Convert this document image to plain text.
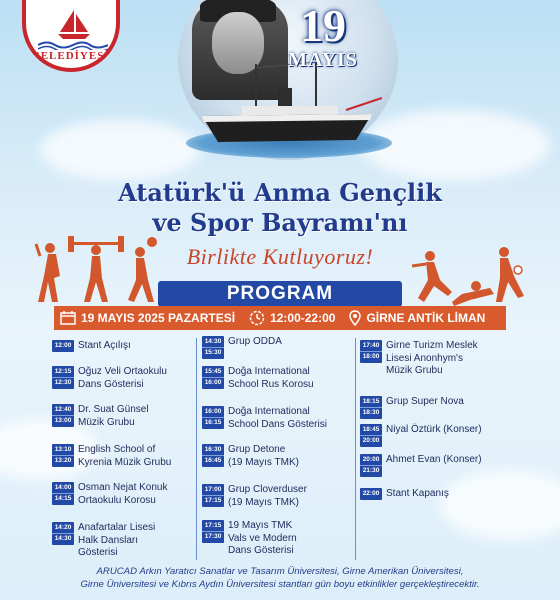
BELEDİYESİ
19
MAYIS
Atatürk'ü Anma Gençlik
ve Spor Bayramı'nı
Birlikte Kutluyoruz!
PROGRAM
19 MAYIS 2025 PAZARTESİ	12:00-22:00	GİRNE ANTİK LİMAN
12:00 Stant Açılışı
12:15
12:30
Oğuz Veli Ortaokulu
Dans Gösterisi
12:40
13:00
Dr. Suat Günsel
Müzik Grubu
13:10
13:20
English School of
Kyrenia Müzik Grubu
14:00
14:15
Osman Nejat Konuk
Ortaokulu Korosu
14:20
14:30
Anafartalar Lisesi
Halk Dansları
Gösterisi
14:30
15:30
Grup ODDA
15:45
16:00
Doğa International
School Rus Korosu
16:00
16:15
Doğa International
School Dans Gösterisi
16:30
16:45
Grup Detone
(19 Mayıs TMK)
17:00
17:15
Grup Cloverduser
(19 Mayıs TMK)
17:15
17:30
19 Mayıs TMK
Vals ve Modern
Dans Gösterisi
17:40
18:00
Girne Turizm Meslek
Lisesi Anonhym's
Müzik Grubu
18:15
18:30
Grup Super Nova
18:45
20:00
Niyal Öztürk (Konser)
20:00
21:30
Ahmet Evan (Konser)
22:00 Stant Kapanış
ARUCAD Arkın Yaratıcı Sanatlar ve Tasarım Üniversitesi, Girne Amerikan Üniversitesi,
Girne Üniversitesi ve Kıbrıs Aydın Üniversitesi stantları gün boyu etkinlikler gerçekleştirecektir.
